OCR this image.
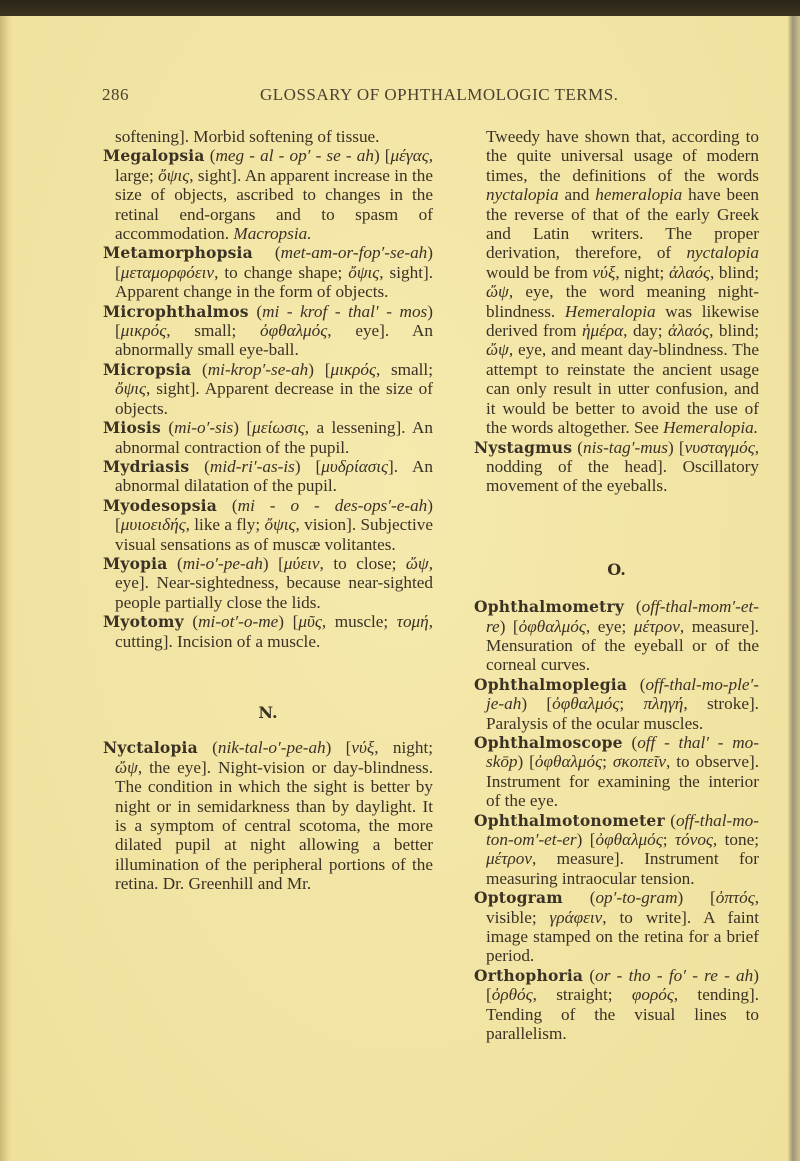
286	GLOSSARY OF OPHTHALMOLOGIC TERMS.

softening]. Morbid softening of tissue.

Megalopsia (meg - al - op′ - se - ah) [μέγας, large; ὄψις, sight]. An apparent increase in the size of objects, ascribed to changes in the retinal end-organs and to spasm of accommodation. Macropsia.

Metamorphopsia (met-am-or-fop′-se-ah) [μεταμορφόειν, to change shape; ὄψις, sight]. Apparent change in the form of objects.

Microphthalmos (mi - krof - thal′ - mos) [μικρός, small; ὀφθαλμός, eye]. An abnormally small eye-ball.

Micropsia (mi-krop′-se-ah) [μικρός, small; ὄψις, sight]. Apparent decrease in the size of objects.

Miosis (mi-o′-sis) [μείωσις, a lessening]. An abnormal contraction of the pupil.

Mydriasis (mid-ri′-as-is) [μυδρίασις]. An abnormal dilatation of the pupil.

Myodesopsia (mi - o - des-ops′-e-ah) [μυιοειδής, like a fly; ὄψις, vision]. Subjective visual sensations as of muscæ volitantes.

Myopia (mi-o′-pe-ah) [μύειν, to close; ὤψ, eye]. Near-sightedness, because near-sighted people partially close the lids.

Myotomy (mi-ot′-o-me) [μῦς, muscle; τομή, cutting]. Incision of a muscle.

N.

Nyctalopia (nik-tal-o′-pe-ah) [νύξ, night; ὤψ, the eye]. Night-vision or day-blindness. The condition in which the sight is better by night or in semidarkness than by daylight. It is a symptom of central scotoma, the more dilated pupil at night allowing a better illumination of the peripheral portions of the retina. Dr. Greenhill and Mr.

Tweedy have shown that, according to the quite universal usage of modern times, the definitions of the words nyctalopia and hemeralopia have been the reverse of that of the early Greek and Latin writers. The proper derivation, therefore, of nyctalopia would be from νύξ, night; ἀλαός, blind; ὤψ, eye, the word meaning night-blindness. Hemeralopia was likewise derived from ἡμέρα, day; ἀλαός, blind; ὤψ, eye, and meant day-blindness. The attempt to reinstate the ancient usage can only result in utter confusion, and it would be better to avoid the use of the words altogether. See Hemeralopia.

Nystagmus (nis-tag′-mus) [νυσταγμός, nodding of the head]. Oscillatory movement of the eyeballs.

O.

Ophthalmometry (off-thal-mom′-et-re) [ὀφθαλμός, eye; μέτρον, measure]. Mensuration of the eyeball or of the corneal curves.

Ophthalmoplegia (off-thal-mo-ple′-je-ah) [ὀφθαλμός; πληγή, stroke]. Paralysis of the ocular muscles.

Ophthalmoscope (off - thal′ - mo-skōp) [ὀφθαλμός; σκοπεῖν, to observe]. Instrument for examining the interior of the eye.

Ophthalmotonometer (off-thal-mo-ton-om′-et-er) [ὀφθαλμός; τόνος, tone; μέτρον, measure]. Instrument for measuring intraocular tension.

Optogram (op′-to-gram) [ὀπτός, visible; γράφειν, to write]. A faint image stamped on the retina for a brief period.

Orthophoria (or - tho - fo′ - re - ah) [ὀρθός, straight; φορός, tending]. Tending of the visual lines to parallelism.
